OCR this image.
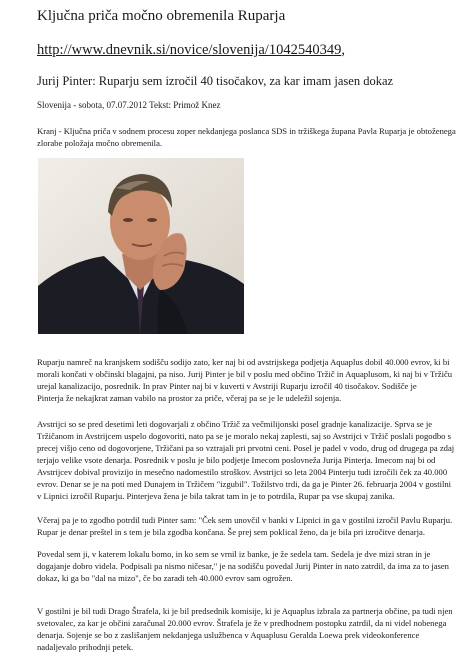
Ključna priča močno obremenila Ruparja
http://www.dnevnik.si/novice/slovenija/1042540349,
Jurij Pinter: Ruparju sem izročil 40 tisočakov, za kar imam jasen dokaz
Slovenija - sobota, 07.07.2012 Tekst: Primož Knez
Kranj - Ključna priča v sodnem procesu zoper nekdanjega poslanca SDS in tržiškega župana Pavla Ruparja je obtoženega
zlorabe položaja močno obremenila.
Ruparju namreč na kranjskem sodišču sodijo zato, ker naj bi od avstrijskega podjetja Aquaplus dobil 40.000 evrov, ki bi
morali končati v občinski blagajni, pa niso. Jurij Pinter je bil v poslu med občino Tržič in Aquaplusom, ki naj bi v Tržiču
urejal kanalizacijo, posrednik. In prav Pinter naj bi v kuverti v Avstriji Ruparju izročil 40 tisočakov. Sodišče je
Pinterja že nekajkrat zaman vabilo na prostor za priče, včeraj pa se je le udeležil sojenja.
Avstrijci so se pred desetimi leti dogovarjali z občino Tržič za večmilijonski posel gradnje kanalizacije. Sprva se je
Tržičanom in Avstrijcem uspelo dogovoriti, nato pa se je moralo nekaj zaplesti, saj so Avstrijci v Tržič poslali pogodbo s
precej višjo ceno od dogovorjene, Tržičani pa so vztrajali pri prvotni ceni. Posel je padel v vodo, drug od drugega pa zdaj
terjajo velike vsote denarja. Posrednik v poslu je bilo podjetje Imecom poslovneža Jurija Pinterja. Imecom naj bi od
Avstrijcev dobival provizijo in mesečno nadomestilo stroškov. Avstrijci so leta 2004 Pinterju tudi izročili ček za 40.000
evrov. Denar se je na poti med Dunajem in Tržičem "izgubil". Tožilstvo trdi, da ga je Pinter 26. februarja 2004 v gostilni
v Lipnici izročil Ruparju. Pinterjeva žena je bila takrat tam in je to potrdila, Rupar pa vse skupaj zanika.
Včeraj pa je to zgodbo potrdil tudi Pinter sam: "Ček sem unovčil v banki v Lipnici in ga v gostilni izročil Pavlu Ruparju.
Rupar je denar preštel in s tem je bila zgodba končana. Še prej sem poklical ženo, da je bila pri izročitve denarja.
Povedal sem ji, v katerem lokalu bomo, in ko sem se vrnil iz banke, je že sedela tam. Sedela je dve mizi stran in je
dogajanje dobro videla. Podpisali pa nismo ničesar," je na sodišču povedal Jurij Pinter in nato zatrdil, da ima za to jasen
dokaz, ki ga bo "dal na mizo", če bo zaradi teh 40.000 evrov sam ogrožen.
V gostilni je bil tudi Drago Štrafela, ki je bil predsednik komisije, ki je Aquaplus izbrala za partnerja občine, pa tudi njen
svetovalec, za kar je občini zaračunal 20.000 evrov. Štrafela je že v predhodnem postopku zatrdil, da ni videl nobenega
denarja. Sojenje se bo z zaslišanjem nekdanjega uslužbenca v Aquaplusu Geralda Loewa prek videokonference
nadaljevalo prihodnji petek.
